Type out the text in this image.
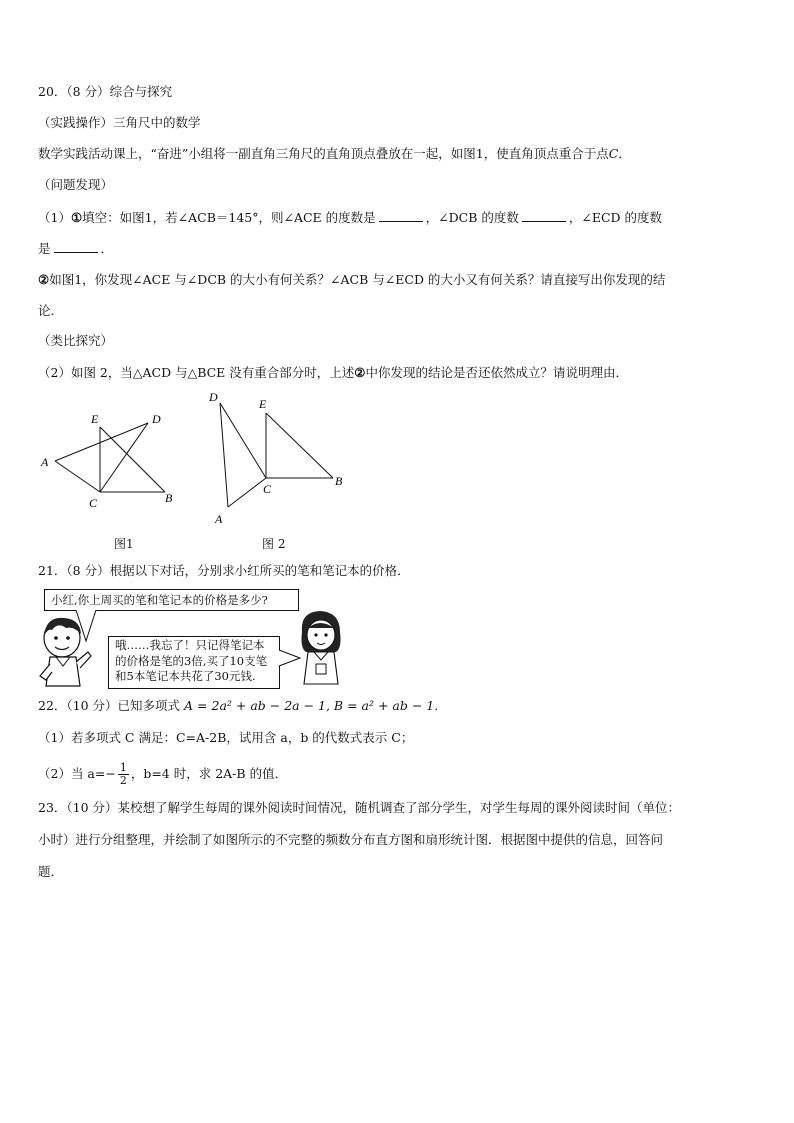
20．（8 分）综合与探究
（实践操作）三角尺中的数学
数学实践活动课上，“奋进”小组将一副直角三角尺的直角顶点叠放在一起，如图1，使直角顶点重合于点C．
（问题发现）
（1）①填空：如图1，若∠ACB＝145°，则∠ACE 的度数是	，∠DCB 的度数	，∠ECD 的度数
是	．
②如图1，你发现∠ACE 与∠DCB 的大小有何关系？∠ACB 与∠ECD 的大小又有何关系？请直接写出你发现的结
论．
（类比探究）
（2）如图 2，当△ACD 与△BCE 没有重合部分时，上述②中你发现的结论是否还依然成立？请说明理由．
E	D
A
C	B
图1
D	E
C
B
A
图 2
21．（8 分）根据以下对话，分别求小红所买的笔和笔记本的价格．
小红,你上周买的笔和笔记本的价格是多少?
哦……我忘了！只记得笔记本
的价格是笔的3倍,买了10支笔
和5本笔记本共花了30元钱.
22．（10 分）已知多项式 A = 2a² + ab − 2a − 1, B = a² + ab − 1．
（1）若多项式 C 满足：C=A-2B，试用含 a，b 的代数式表示 C；
（2）当 $a=- \frac{1}{2}$ ，b=4 时，求 2A-B 的值．
23．（10 分）某校想了解学生每周的课外阅读时间情况，随机调查了部分学生，对学生每周的课外阅读时间（单位：
小时）进行分组整理，并绘制了如图所示的不完整的频数分布直方图和扇形统计图．根据图中提供的信息，回答问
题．
